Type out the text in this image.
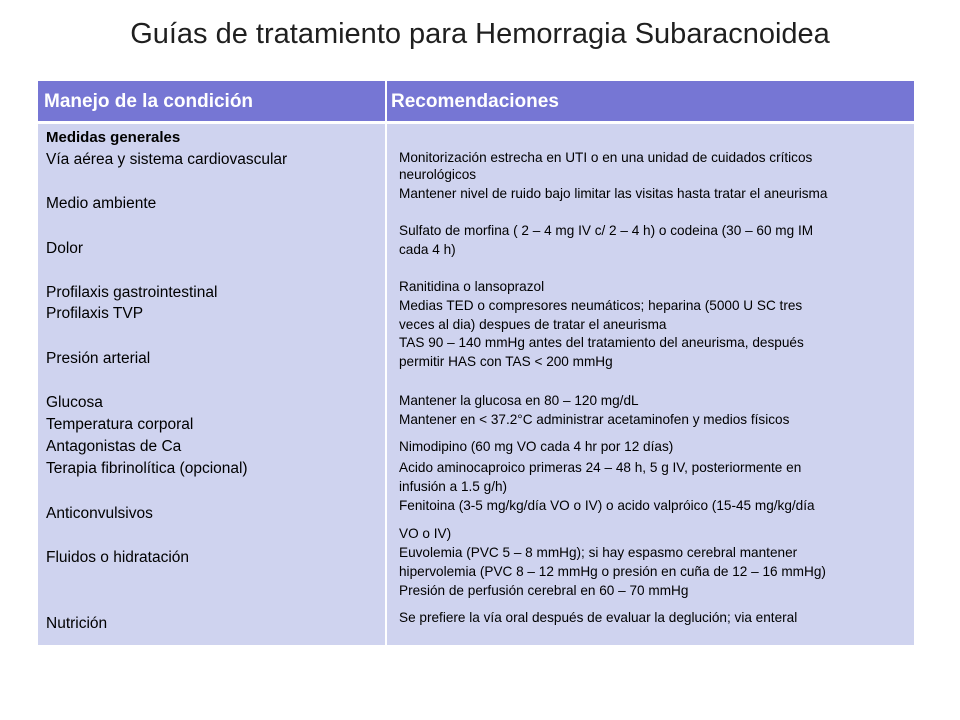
Guías de tratamiento para Hemorragia Subaracnoidea
Manejo de la condición	Recomendaciones
Medidas generales
Vía aérea y sistema cardiovascular
Medio ambiente
Dolor
Profilaxis gastrointestinal
Profilaxis TVP
Presión arterial
Glucosa
Temperatura corporal
Antagonistas de Ca
Terapia fibrinolítica (opcional)
Anticonvulsivos
Fluidos o hidratación
Nutrición
Monitorización estrecha en UTI o en una unidad de cuidados críticos
neurológicos
Mantener nivel de ruido bajo limitar las visitas hasta tratar el aneurisma
Sulfato de morfina ( 2 – 4 mg IV c/ 2 – 4 h) o codeina (30 – 60 mg IM
cada 4 h)
Ranitidina o lansoprazol
Medias TED o compresores neumáticos; heparina (5000 U SC tres
veces al dia) despues de tratar el aneurisma
TAS 90 – 140 mmHg antes del tratamiento del aneurisma, después
permitir HAS con TAS < 200 mmHg
Mantener la glucosa en 80 – 120 mg/dL
Mantener en < 37.2°C administrar acetaminofen y medios físicos
Nimodipino (60 mg VO cada 4 hr por 12 días)
Acido aminocaproico primeras 24 – 48 h, 5 g IV, posteriormente en
infusión a 1.5 g/h)
Fenitoina (3-5 mg/kg/día VO o IV) o acido valpróico (15-45 mg/kg/día
VO o IV)
Euvolemia (PVC 5 – 8 mmHg); si hay espasmo cerebral mantener
hipervolemia (PVC 8 – 12 mmHg o presión en cuña de 12 – 16 mmHg)
Presión de perfusión cerebral en 60 – 70 mmHg
Se prefiere la vía oral después de evaluar la deglución; via enteral
